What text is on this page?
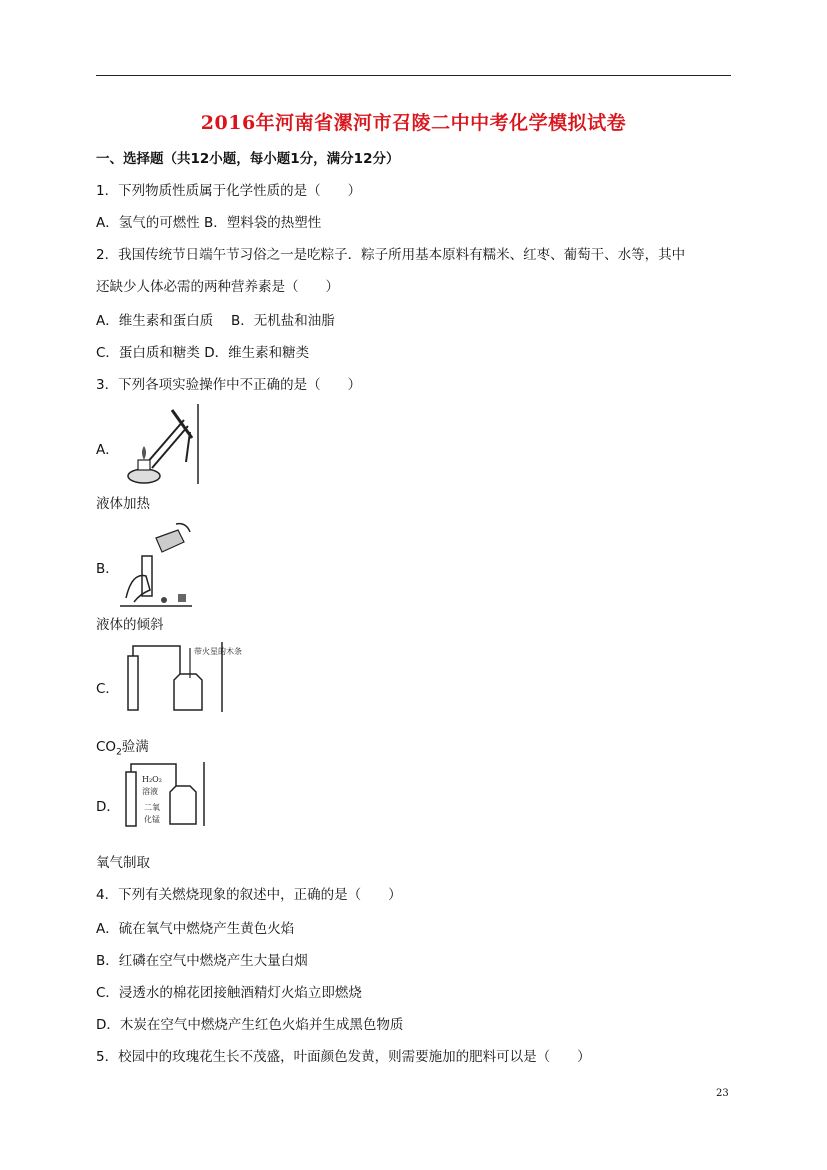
2016年河南省漯河市召陵二中中考化学模拟试卷
一、选择题（共12小题，每小题1分，满分12分）
1．下列物质性质属于化学性质的是（　　）
A．氢气的可燃性 B．塑料袋的热塑性
2．我国传统节日端午节习俗之一是吃粽子．粽子所用基本原料有糯米、红枣、葡萄干、水等，其中
还缺少人体必需的两种营养素是（　　）
A．维生素和蛋白质　 B．无机盐和油脂
C．蛋白质和糖类 D．维生素和糖类
3．下列各项实验操作中不正确的是（　　）
A．
液体加热
B．
液体的倾斜
C．
带火星的木条
$CO_2$验满
D．
H₂O₂
溶液
二氧
化锰
氧气制取
4．下列有关燃烧现象的叙述中，正确的是（　　）
A．硫在氧气中燃烧产生黄色火焰
B．红磷在空气中燃烧产生大量白烟
C．浸透水的棉花团接触酒精灯火焰立即燃烧
D．木炭在空气中燃烧产生红色火焰并生成黑色物质
5．校园中的玫瑰花生长不茂盛，叶面颜色发黄，则需要施加的肥料可以是（　　）
23
